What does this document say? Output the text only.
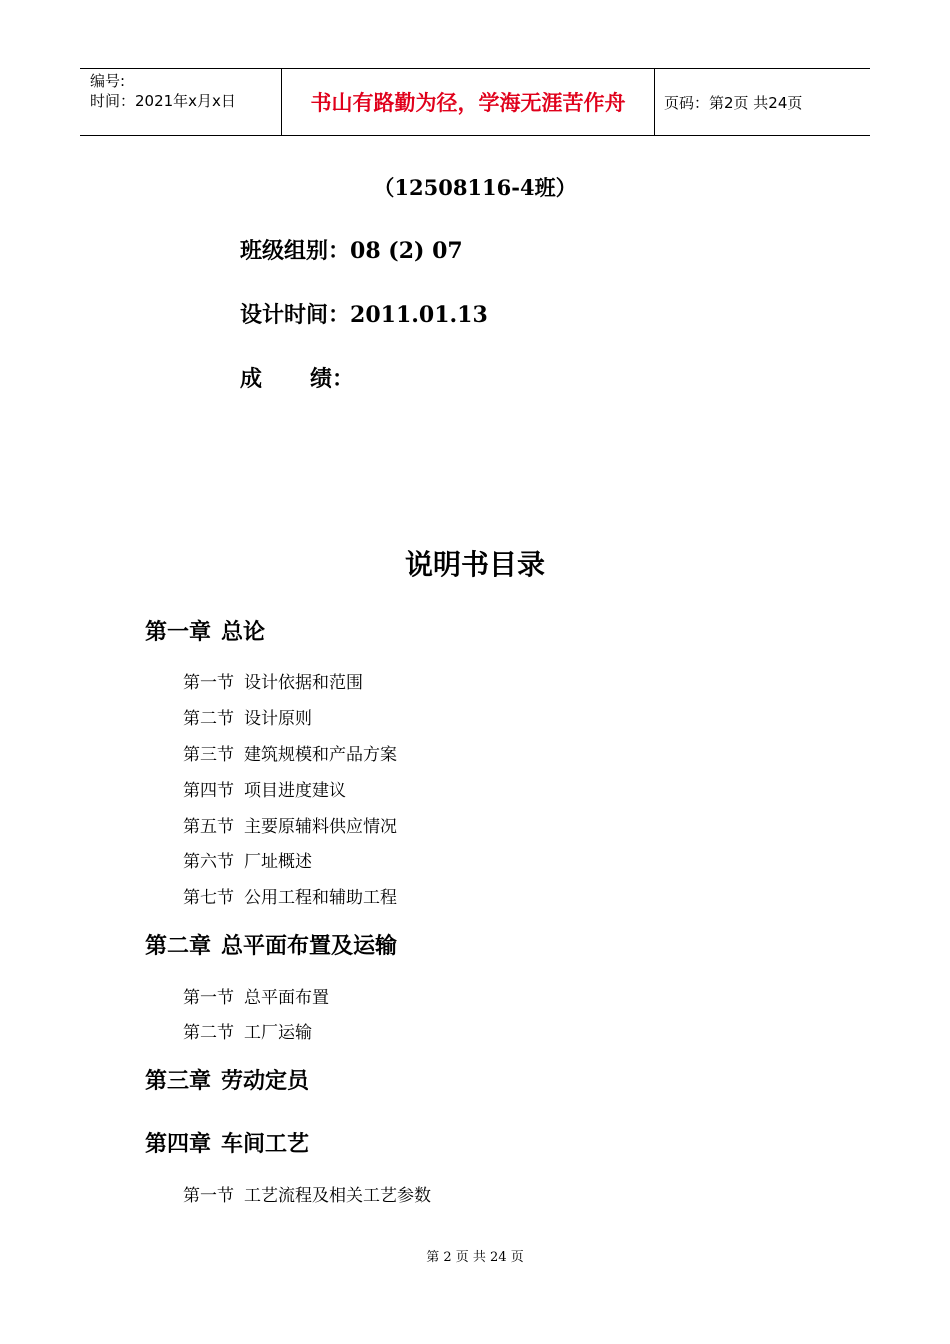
编号:
时间：2021年x月x日	书山有路勤为径，学海无涯苦作舟	页码：第2页 共24页
（12508116-4班）
班级组别：08 (2) 07
设计时间：2011.01.13
成 绩：
说明书目录
第一章 总论
第一节 设计依据和范围
第二节 设计原则
第三节 建筑规模和产品方案
第四节 项目进度建议
第五节 主要原辅料供应情况
第六节 厂址概述
第七节 公用工程和辅助工程
第二章 总平面布置及运输
第一节 总平面布置
第二节 工厂运输
第三章 劳动定员
第四章 车间工艺
第一节 工艺流程及相关工艺参数
第 2 页 共 24 页
